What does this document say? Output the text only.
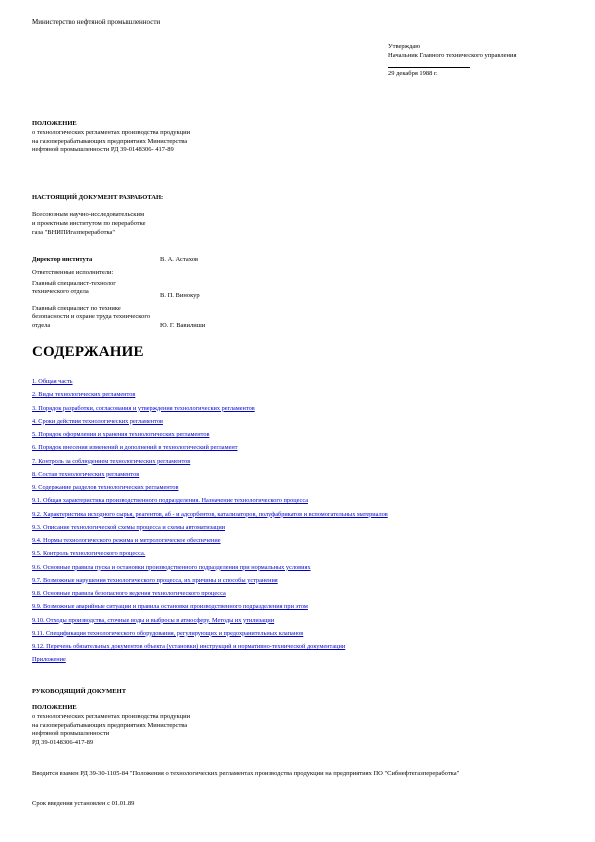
Министерство нефтяной промышленности
Утверждаю
Начальник Главного технического управления
29 декабря 1988 г.
ПОЛОЖЕНИЕ
о технологических регламентах производства продукции
на газоперерабатывающих предприятиях Министерства
нефтяной промышленности РД 39-0148306- 417-89
НАСТОЯЩИЙ ДОКУМЕНТ РАЗРАБОТАН:
Всесоюзным научно-исследовательским
и проектным институтом по переработке
газа "ВНИПИгазпереработка"
Директор института	В. А. Астахов
Ответственные исполнители:
Главный специалист-технолог технического отдела
В. П. Винокур
Главный специалист по технике безопасности и охране труда технического отдела	Ю. Г. Вавилиши
СОДЕРЖАНИЕ
1. Общая часть
2. Виды технологических регламентов
3. Порядок разработки, согласования и утверждения технологических регламентов
4. Сроки действия технологических регламентов
5. Порядок оформления и хранения технологических регламентов
6. Порядок внесения изменений и дополнений в технологический регламент
7. Контроль за соблюдением технологических регламентов
8. Состав технологических регламентов
9. Содержание разделов технологических регламентов
9.1. Общая характеристика производственного подразделения. Назначение технологического процесса
9.2. Характеристика исходного сырья, реагентов, аб - и адсорбентов, катализаторов, полуфабрикатов и вспомогательных материалов
9.3. Описание технологической схемы процесса и схемы автоматизации
9.4. Нормы технологического режима и метрологическое обеспечение
9.5. Контроль технологического процесса.
9.6. Основные правила пуска и остановки производственного подразделения при нормальных условиях
9.7. Возможные нарушения технологического процесса, их причины и способы устранения
9.8. Основные правила безопасного ведения технологического процесса
9.9. Возможные аварийные ситуации и правила остановки производственного подразделения при этом
9.10. Отходы производства, сточные воды и выбросы в атмосферу. Методы их утилизации
9.11. Спецификация технологического оборудования, регулирующих и предохранительных клапанов
9.12. Перечень обязательных документов объекта (установки) инструкций и нормативно-технической документации
Приложение
РУКОВОДЯЩИЙ ДОКУМЕНТ
ПОЛОЖЕНИЕ
о технологических регламентах производства продукции
на газоперерабатывающих предприятиях Министерства
нефтяной промышленности
РД 39-0148306-417-89
Вводится взамен РД 39-30-1105-84 "Положения о технологических регламентах производства продукции на предприятиях ПО "Сибнефтегазпереработка"
Срок введения установлен с 01.01.89
